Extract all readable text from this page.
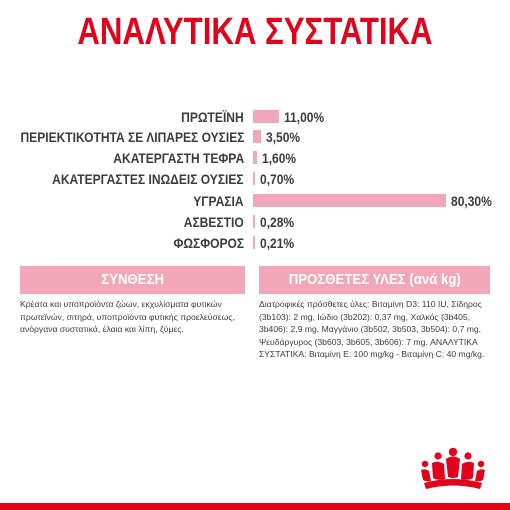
ΑΝΑΛΥΤΙΚΑ ΣΥΣΤΑΤΙΚΑ
ΠΡΩΤΕΪΝΗ	11,00%
ΠΕΡΙΕΚΤΙΚΟΤΗΤΑ ΣΕ ΛΙΠΑΡΕΣ ΟΥΣΙΕΣ 3,50%
ΑΚΑΤΕΡΓΑΣΤΗ ΤΕΦΡΑ 1,60%
ΑΚΑΤΕΡΓΑΣΤΕΣ ΙΝΩΔΕΙΣ ΟΥΣΙΕΣ 0,70%
ΥΓΡΑΣΙΑ	80,30%
ΑΣΒΕΣΤΙΟ 0,28%
ΦΩΣΦΟΡΟΣ 0,21%
ΣΥΝΘΕΣΗ	ΠΡΟΣΘΕΤΕΣ ΥΛΕΣ (ανά kg)
Κρέατα και υποπροϊόντα ζώων, εκχυλίσματα φυτικών πρωτεϊνών, σιτηρά, υποπροϊόντα φυτικής προελεύσεως, ανόργανα συστατικά, έλαια και λίπη, ζύμες.
Διατροφικές πρόσθετες ύλες: Βιταμίνη D3: 110 IU, Σίδηρος (3b103): 2 mg, Ιώδιο (3b202): 0,37 mg, Χαλκός (3b405, 3b406): 2,9 mg, Μαγγάνιο (3b502, 3b503, 3b504): 0,7 mg, Ψευδάργυρος (3b603, 3b605, 3b606): 7 mg. ΑΝΑΛΥΤΙΚΑ ΣΥΣΤΑΤΙΚΑ: Βιταμίνη Ε: 100 mg/kg - Βιταμίνη C: 40 mg/kg.
